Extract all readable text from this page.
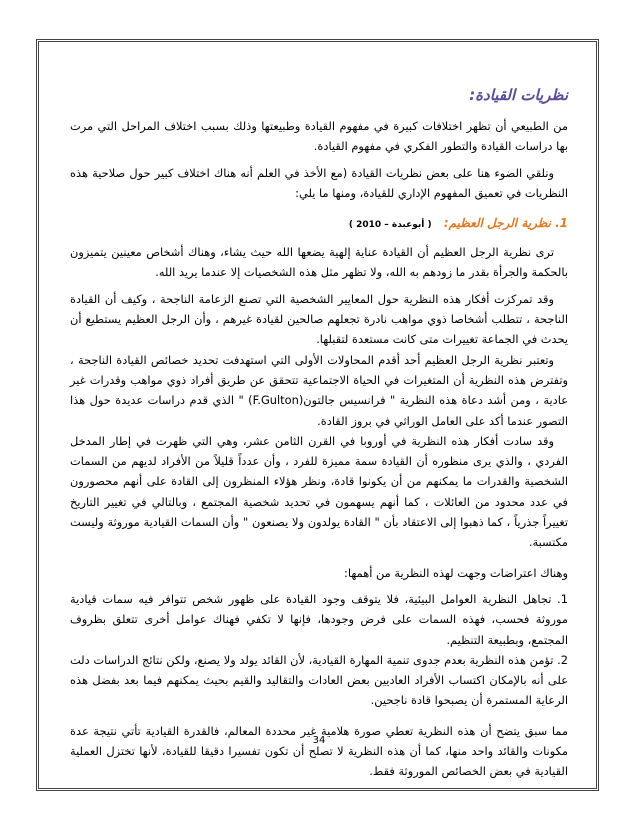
نظريات القيادة:

من الطبيعي أن تظهر اختلافات كبيرة في مفهوم القيادة وطبيعتها وذلك بسبب اختلاف المراحل التي مرت بها دراسات القيادة والتطور الفكري في مفهوم القيادة.

ونلقي الضوء هنا على بعض نظريات القيادة (مع الأخذ في العلم أنه هناك اختلاف كبير حول صلاحية هذه النظريات في تعميق المفهوم الإداري للقيادة، ومنها ما يلي:

1. نظرية الرجل العظيم: ( أبوعبدة – 2010 )

ترى نظرية الرجل العظيم أن القيادة عناية إلهية يضعها الله حيث يشاء، وهناك أشخاص معينين يتميزون بالحكمة والجرأة بقدر ما زودهم به الله، ولا تظهر مثل هذه الشخصيات إلا عندما يريد الله.

وقد تمركزت أفكار هذه النظرية حول المعايير الشخصية التي تصنع الزعامة الناجحة ، وكيف أن القيادة الناجحة ، تتطلب أشخاصا ذوي مواهب نادرة تجعلهم صالحين لقيادة غيرهم ، وأن الرجل العظيم يستطيع أن يحدث في الجماعة تغييرات متى كانت مستعدة لتقبلها.

وتعتبر نظرية الرجل العظيم أحد أقدم المحاولات الأولى التي استهدفت تحديد خصائص القيادة الناجحة ، وتفترض هذه النظرية أن المتغيرات في الحياة الاجتماعية تتحقق عن طريق أفراد ذوي مواهب وقدرات غير عادية ، ومن أشد دعاة هذه النظرية " فرانسيس جالتون(F.Gulton) " الذي قدم دراسات عديدة حول هذا التصور عندما أكد على العامل الوراثي في بروز القادة.

وقد سادت أفكار هذه النظرية في أوروبا في القرن الثامن عشر، وهي التي ظهرت في إطار المدخل الفردي ، والذي يرى منظوره أن القيادة سمة مميزة للفرد ، وأن عدداً قليلاً من الأفراد لديهم من السمات الشخصية والقدرات ما يمكنهم من أن يكونوا قادة، ونظر هؤلاء المنظرون إلى القادة على أنهم محصورون في عدد محدود من العائلات ، كما أنهم يسهمون في تحديد شخصية المجتمع ، وبالتالي في تغيير التاريخ تغييراً جذرياً ، كما ذهبوا إلى الاعتقاد بأن " القادة يولدون ولا يصنعون " وأن السمات القيادية موروثة وليست مكتسبة.

وهناك اعتراضات وجهت لهذه النظرية من أهمها:

1. تجاهل النظرية العوامل البيئية، فلا يتوقف وجود القيادة على ظهور شخص تتوافر فيه سمات قيادية موروثة فحسب، فهذه السمات على فرض وجودها، فإنها لا تكفي فهناك عوامل أخرى تتعلق بظروف المجتمع، وبطبيعة التنظيم.

2. تؤمن هذه النظرية بعدم جدوى تنمية المهارة القيادية، لأن القائد يولد ولا يصنع، ولكن نتائج الدراسات دلت على أنه بالإمكان اكتساب الأفراد العاديين بعض العادات والتقاليد والقيم بحيث يمكنهم فيما بعد بفضل هذه الرعاية المستمرة أن يصبحوا قادة ناجحين.

مما سبق يتضح أن هذه النظرية تعطي صورة هلامية غير محددة المعالم، فالقدرة القيادية تأتي نتيجة عدة مكونات والقائد واحد منها، كما أن هذه النظرية لا تصلح أن تكون تفسيرا دقيقا للقيادة، لأنها تختزل العملية القيادية في بعض الخصائص الموروثة فقط.

34
